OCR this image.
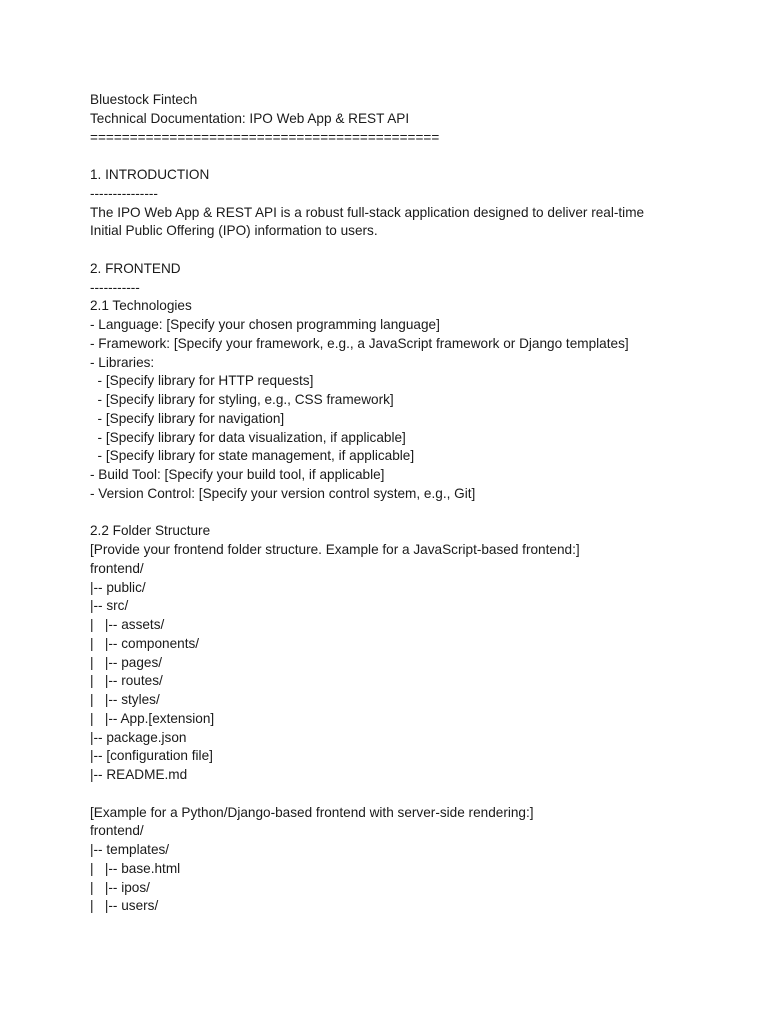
Bluestock Fintech
Technical Documentation: IPO Web App & REST API
============================================
1. INTRODUCTION
---------------
The IPO Web App & REST API is a robust full-stack application designed to deliver real-time
Initial Public Offering (IPO) information to users.
2. FRONTEND
-----------
2.1 Technologies
- Language: [Specify your chosen programming language]
- Framework: [Specify your framework, e.g., a JavaScript framework or Django templates]
- Libraries:
- [Specify library for HTTP requests]
- [Specify library for styling, e.g., CSS framework]
- [Specify library for navigation]
- [Specify library for data visualization, if applicable]
- [Specify library for state management, if applicable]
- Build Tool: [Specify your build tool, if applicable]
- Version Control: [Specify your version control system, e.g., Git]
2.2 Folder Structure
[Provide your frontend folder structure. Example for a JavaScript-based frontend:]
frontend/
|-- public/
|-- src/
|   |-- assets/
|   |-- components/
|   |-- pages/
|   |-- routes/
|   |-- styles/
|   |-- App.[extension]
|-- package.json
|-- [configuration file]
|-- README.md
[Example for a Python/Django-based frontend with server-side rendering:]
frontend/
|-- templates/
|   |-- base.html
|   |-- ipos/
|   |-- users/
